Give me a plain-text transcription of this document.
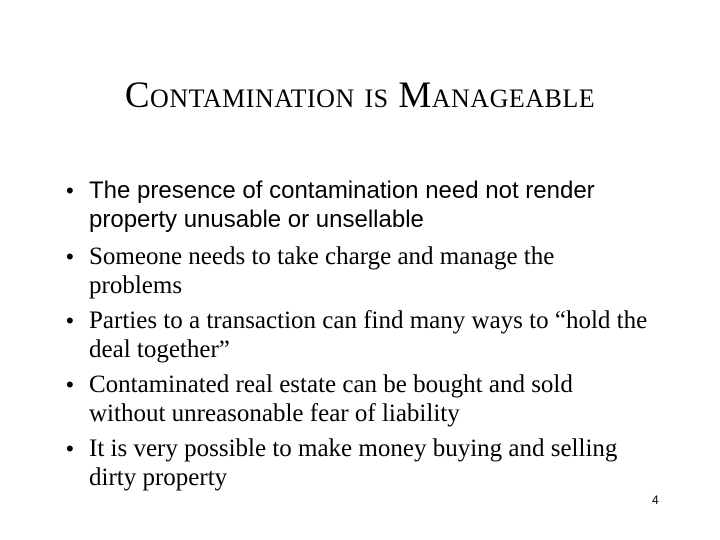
Contamination is Manageable
• The presence of contamination need not render property unusable or unsellable
• Someone needs to take charge and manage the problems
• Parties to a transaction can find many ways to “hold the deal together”
• Contaminated real estate can be bought and sold without unreasonable fear of liability
• It is very possible to make money buying and selling dirty property
4
